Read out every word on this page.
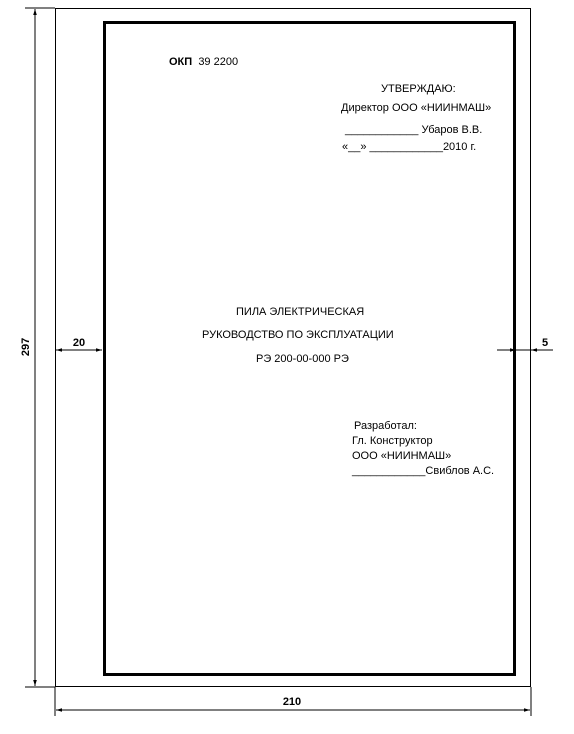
ОКП 39 2200
УТВЕРЖДАЮ:
Директор ООО «НИИНМАШ»
____________ Убаров В.В.
«__» ____________2010 г.
ПИЛА ЭЛЕКТРИЧЕСКАЯ
РУКОВОДСТВО ПО ЭКСПЛУАТАЦИИ
РЭ 200-00-000 РЭ
Разработал:
Гл. Конструктор
ООО «НИИНМАШ»
____________Свиблов А.С.
297
210
20	5
